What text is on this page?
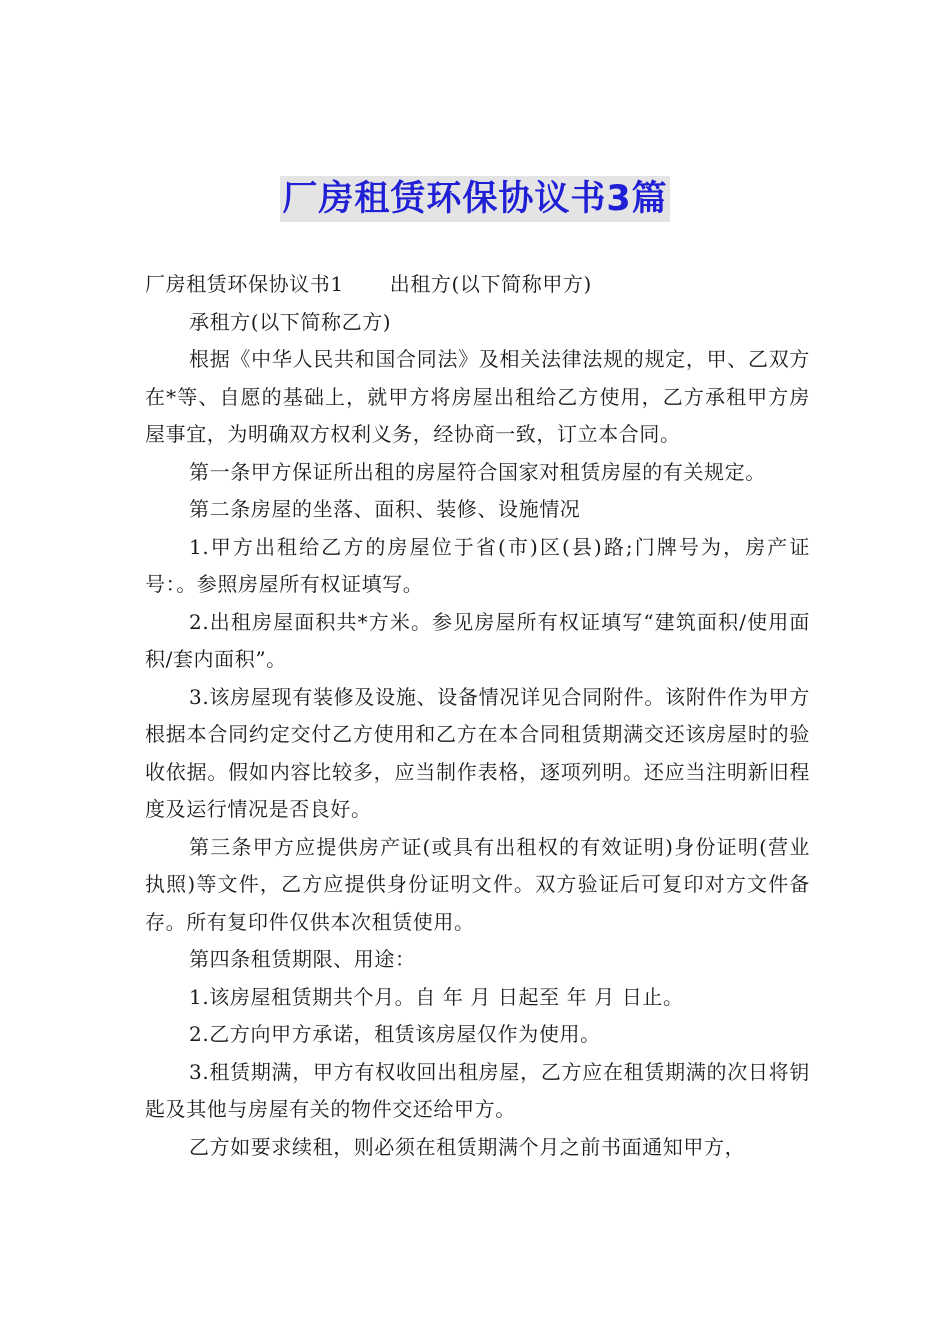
厂房租赁环保协议书3篇

厂房租赁环保协议书1 出租方(以下简称甲方)

承租方(以下简称乙方)

根据《中华人民共和国合同法》及相关法律法规的规定，甲、乙双方在*等、自愿的基础上，就甲方将房屋出租给乙方使用，乙方承租甲方房屋事宜，为明确双方权利义务，经协商一致，订立本合同。

第一条甲方保证所出租的房屋符合国家对租赁房屋的有关规定。

第二条房屋的坐落、面积、装修、设施情况

1.甲方出租给乙方的房屋位于省(市)区(县)路;门牌号为，房产证号：。参照房屋所有权证填写。

2.出租房屋面积共*方米。参见房屋所有权证填写“建筑面积/使用面积/套内面积”。

3.该房屋现有装修及设施、设备情况详见合同附件。该附件作为甲方根据本合同约定交付乙方使用和乙方在本合同租赁期满交还该房屋时的验收依据。假如内容比较多，应当制作表格，逐项列明。还应当注明新旧程度及运行情况是否良好。

第三条甲方应提供房产证(或具有出租权的有效证明)身份证明(营业执照)等文件，乙方应提供身份证明文件。双方验证后可复印对方文件备存。所有复印件仅供本次租赁使用。

第四条租赁期限、用途：

1.该房屋租赁期共个月。自 年 月 日起至 年 月 日止。

2.乙方向甲方承诺，租赁该房屋仅作为使用。

3.租赁期满，甲方有权收回出租房屋，乙方应在租赁期满的次日将钥匙及其他与房屋有关的物件交还给甲方。

乙方如要求续租，则必须在租赁期满个月之前书面通知甲方，
